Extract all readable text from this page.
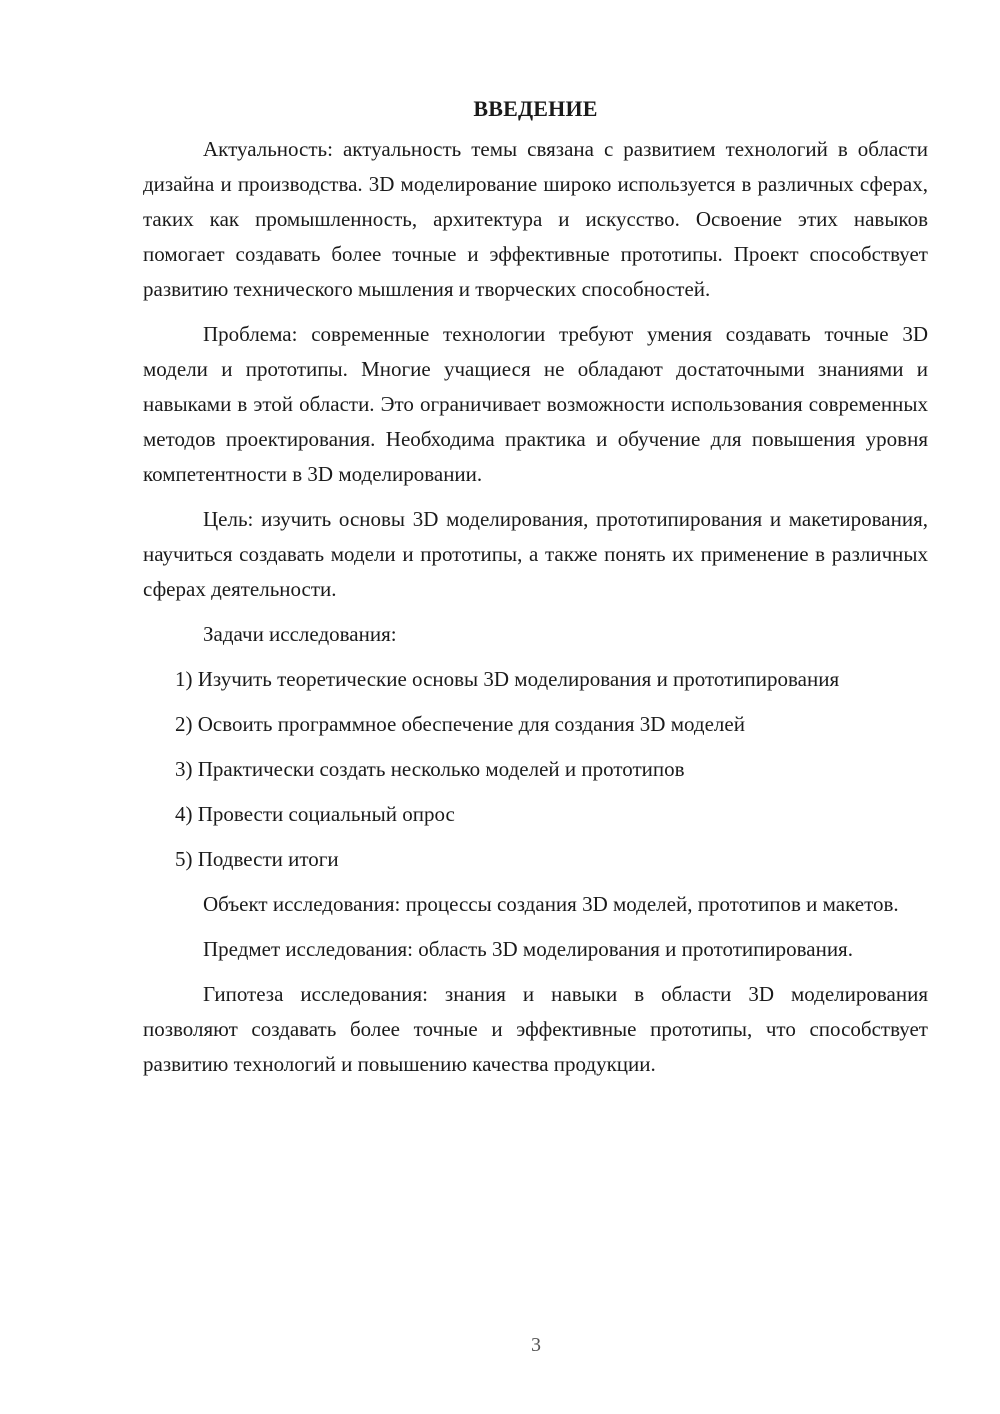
ВВЕДЕНИЕ

Актуальность: актуальность темы связана с развитием технологий в области дизайна и производства. 3D моделирование широко используется в различных сферах, таких как промышленность, архитектура и искусство. Освоение этих навыков помогает создавать более точные и эффективные прототипы. Проект способствует развитию технического мышления и творческих способностей.

Проблема: современные технологии требуют умения создавать точные 3D модели и прототипы. Многие учащиеся не обладают достаточными знаниями и навыками в этой области. Это ограничивает возможности использования современных методов проектирования. Необходима практика и обучение для повышения уровня компетентности в 3D моделировании.

Цель: изучить основы 3D моделирования, прототипирования и макетирования, научиться создавать модели и прототипы, а также понять их применение в различных сферах деятельности.

Задачи исследования:

1) Изучить теоретические основы 3D моделирования и прототипирования

2) Освоить программное обеспечение для создания 3D моделей

3) Практически создать несколько моделей и прототипов

4) Провести социальный опрос

5) Подвести итоги

Объект исследования: процессы создания 3D моделей, прототипов и макетов.

Предмет исследования: область 3D моделирования и прототипирования.

Гипотеза исследования: знания и навыки в области 3D моделирования позволяют создавать более точные и эффективные прототипы, что способствует развитию технологий и повышению качества продукции.

3
